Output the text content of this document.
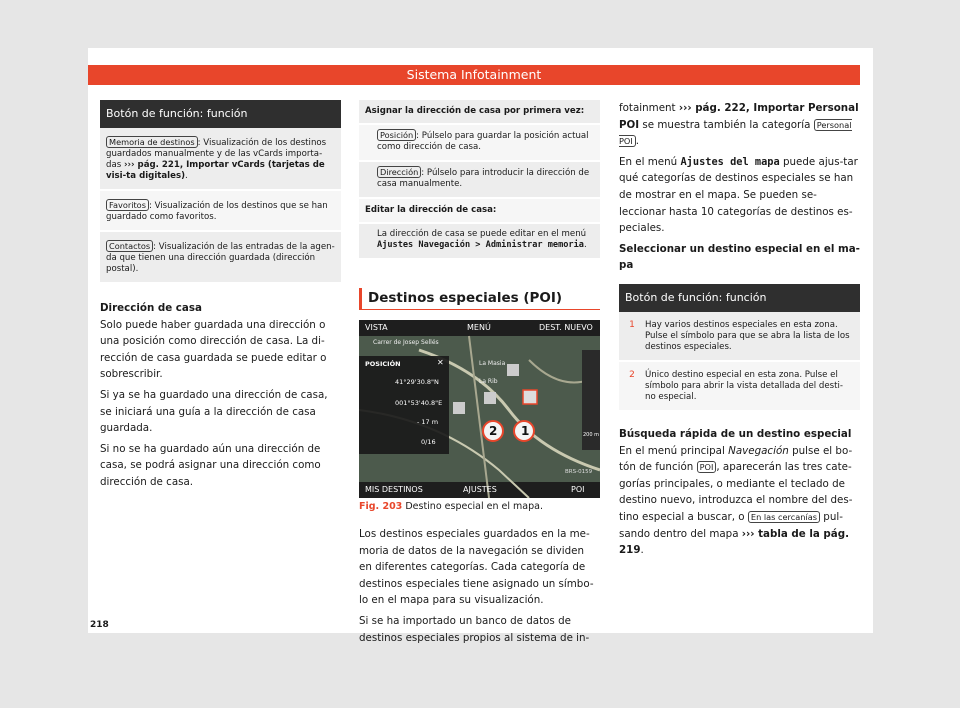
Sistema Infotainment
Botón de función: función
Memoria de destinos : Visualización de los destinos guardados manualmente y de las vCards importa-das ››› pág. 221, Importar vCards (tarjetas de visi-ta digitales).
Favoritos : Visualización de los destinos que se han guardado como favoritos.
Contactos : Visualización de las entradas de la agen-da que tienen una dirección guardada (dirección postal).
Dirección de casa

Solo puede haber guardada una dirección o una posición como dirección de casa. La di-rección de casa guardada se puede editar o sobrescribir.

Si ya se ha guardado una dirección de casa, se iniciará una guía a la dirección de casa guardada.

Si no se ha guardado aún una dirección de casa, se podrá asignar una dirección como dirección de casa.

Asignar la dirección de casa por primera vez:
Posición : Púlselo para guardar la posición actual como dirección de casa.
Dirección : Púlselo para introducir la dirección de casa manualmente.
Editar la dirección de casa:
La dirección de casa se puede editar en el menú Ajustes Navegación > Administrar memoria.
Destinos especiales (POI)
VISTA	MENÚ	DEST. NUEVO
MIS DESTINOS	AJUSTES	POI
Carrer de Josep Sellés
La Masia
La Rib
POSICIÓN	✕
41°29'30.8"N
001°53'40.8"E
- 17 m
0/16
200 m
2 1
BRS-0159
Fig. 203 Destino especial en el mapa.

Los destinos especiales guardados en la me-moria de datos de la navegación se dividen en diferentes categorías. Cada categoría de destinos especiales tiene asignado un símbo-lo en el mapa para su visualización.

Si se ha importado un banco de datos de destinos especiales propios al sistema de in-

fotainment ››› pág. 222, Importar Personal POI se muestra también la categoría Personal POI .

En el menú Ajustes del mapa puede ajus-tar qué categorías de destinos especiales se han de mostrar en el mapa. Se pueden se-leccionar hasta 10 categorías de destinos es-peciales.

Seleccionar un destino especial en el ma-pa
Botón de función: función
1 Hay varios destinos especiales en esta zona. Pulse el símbolo para que se abra la lista de los destinos especiales.
2 Único destino especial en esta zona. Pulse el símbolo para abrir la vista detallada del desti-no especial.
Búsqueda rápida de un destino especial

En el menú principal Navegación pulse el bo-tón de función POI , aparecerán las tres cate-gorías principales, o mediante el teclado de destino nuevo, introduzca el nombre del des-tino especial a buscar, o En las cercanías pul-sando dentro del mapa ››› tabla de la pág. 219.

218
